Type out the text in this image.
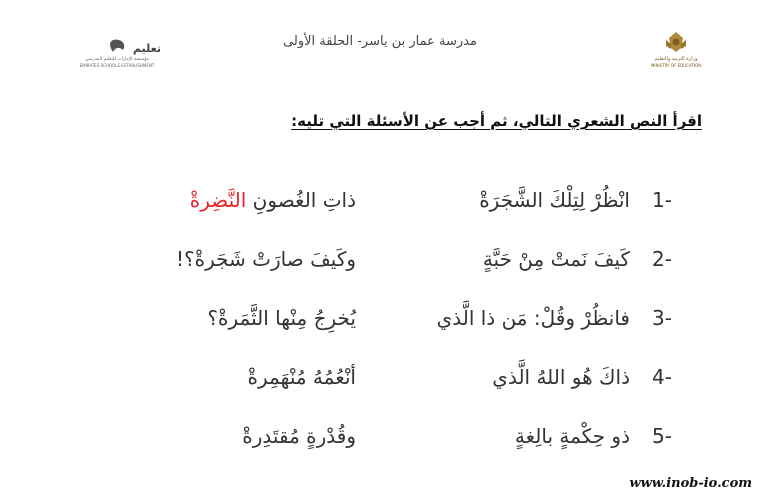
تعليم
مؤسسة الإمارات للتعليم المدرسي
EMIRATES SCHOOLS ESTABLISHMENT
مدرسة عمار بن ياسر- الحلقة الأولى
وزارة التربية والتعليم
MINISTRY OF EDUCATION
اقرأ النص الشعري التالي، ثم أجب عن الأسئلة التي تليه:
1-
انْظُرْ لِتِلْكَ الشَّجَرَةْ
ذاتِ الغُصونِ النَّضِرةْ
2-
كَيفَ نَمتْ مِنْ حَبَّةٍ
وكَيفَ صارَتْ شَجَرةْ؟!
3-
فانظُرْ وقُلْ: مَن ذا الَّذي
يُخرِجُ مِنْها الثَّمَرةْ؟
4-
ذاكَ هُو اللهُ الَّذي
أنْعُمُهُ مُنْهَمِرةْ
5-
ذو حِكْمةٍ بالِغةٍ
وقُدْرةٍ مُقتَدِرةْ
www.inob-io.com
